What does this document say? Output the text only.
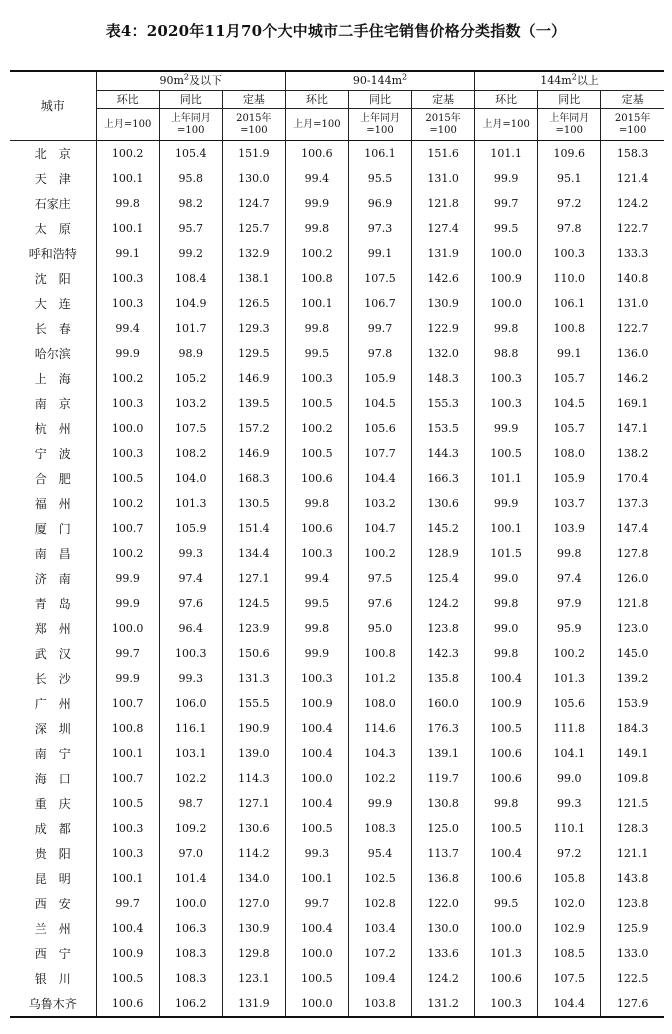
表4：2020年11月70个大中城市二手住宅销售价格分类指数（一）
城市	$90m^2$及以下			$90-144m^2$			$144m^2$以上		
	环比	同比	定基	环比	同比	定基	环比	同比	定基
	上月=100	上年同月=100	2015年=100	上月=100	上年同月=100	2015年=100	上月=100	上年同月=100	2015年=100
北　京	100.2	105.4	151.9	100.6	106.1	151.6	101.1	109.6	158.3
天　津	100.1	95.8	130.0	99.4	95.5	131.0	99.9	95.1	121.4
石家庄	99.8	98.2	124.7	99.9	96.9	121.8	99.7	97.2	124.2
太　原	100.1	95.7	125.7	99.8	97.3	127.4	99.5	97.8	122.7
呼和浩特	99.1	99.2	132.9	100.2	99.1	131.9	100.0	100.3	133.3
沈　阳	100.3	108.4	138.1	100.8	107.5	142.6	100.9	110.0	140.8
大　连	100.3	104.9	126.5	100.1	106.7	130.9	100.0	106.1	131.0
长　春	99.4	101.7	129.3	99.8	99.7	122.9	99.8	100.8	122.7
哈尔滨	99.9	98.9	129.5	99.5	97.8	132.0	98.8	99.1	136.0
上　海	100.2	105.2	146.9	100.3	105.9	148.3	100.3	105.7	146.2
南　京	100.3	103.2	139.5	100.5	104.5	155.3	100.3	104.5	169.1
杭　州	100.0	107.5	157.2	100.2	105.6	153.5	99.9	105.7	147.1
宁　波	100.3	108.2	146.9	100.5	107.7	144.3	100.5	108.0	138.2
合　肥	100.5	104.0	168.3	100.6	104.4	166.3	101.1	105.9	170.4
福　州	100.2	101.3	130.5	99.8	103.2	130.6	99.9	103.7	137.3
厦　门	100.7	105.9	151.4	100.6	104.7	145.2	100.1	103.9	147.4
南　昌	100.2	99.3	134.4	100.3	100.2	128.9	101.5	99.8	127.8
济　南	99.9	97.4	127.1	99.4	97.5	125.4	99.0	97.4	126.0
青　岛	99.9	97.6	124.5	99.5	97.6	124.2	99.8	97.9	121.8
郑　州	100.0	96.4	123.9	99.8	95.0	123.8	99.0	95.9	123.0
武　汉	99.7	100.3	150.6	99.9	100.8	142.3	99.8	100.2	145.0
长　沙	99.9	99.3	131.3	100.3	101.2	135.8	100.4	101.3	139.2
广　州	100.7	106.0	155.5	100.9	108.0	160.0	100.9	105.6	153.9
深　圳	100.8	116.1	190.9	100.4	114.6	176.3	100.5	111.8	184.3
南　宁	100.1	103.1	139.0	100.4	104.3	139.1	100.6	104.1	149.1
海　口	100.7	102.2	114.3	100.0	102.2	119.7	100.6	99.0	109.8
重　庆	100.5	98.7	127.1	100.4	99.9	130.8	99.8	99.3	121.5
成　都	100.3	109.2	130.6	100.5	108.3	125.0	100.5	110.1	128.3
贵　阳	100.3	97.0	114.2	99.3	95.4	113.7	100.4	97.2	121.1
昆　明	100.1	101.4	134.0	100.1	102.5	136.8	100.6	105.8	143.8
西　安	99.7	100.0	127.0	99.7	102.8	122.0	99.5	102.0	123.8
兰　州	100.4	106.3	130.9	100.4	103.4	130.0	100.0	102.9	125.9
西　宁	100.9	108.3	129.8	100.0	107.2	133.6	101.3	108.5	133.0
银　川	100.5	108.3	123.1	100.5	109.4	124.2	100.6	107.5	122.5
乌鲁木齐	100.6	106.2	131.9	100.0	103.8	131.2	100.3	104.4	127.6
